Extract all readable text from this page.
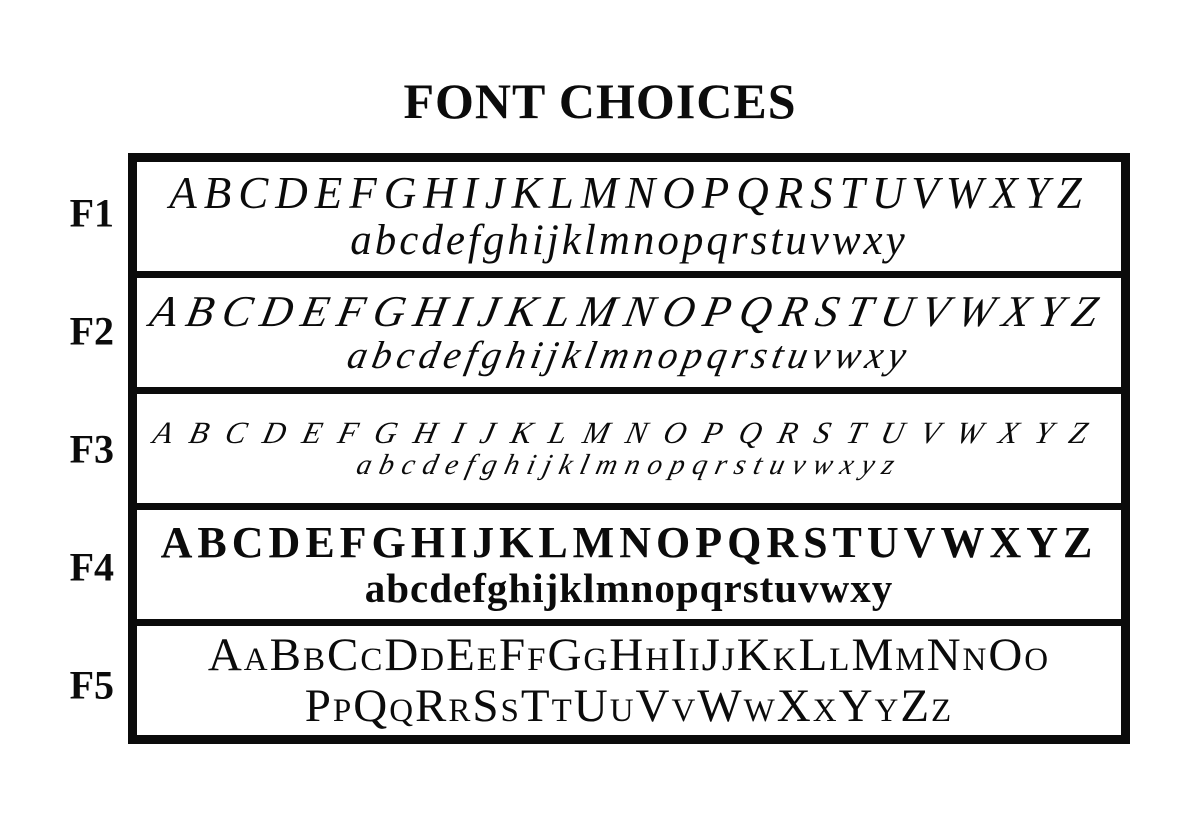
FONT CHOICES
F1
F2
F3
F4
F5
ABCDEFGHIJKLMNOPQRSTUVWXYZ
abcdefghijklmnopqrstuvwxy
ABCDEFGHIJKLMNOPQRSTUVWXYZ
abcdefghijklmnopqrstuvwxy
ABCDEFGHIJKLMNOPQRSTUVWXYZ
abcdefghijklmnopqrstuvwxyz
ABCDEFGHIJKLMNOPQRSTUVWXYZ
abcdefghijklmnopqrstuvwxy
AaBbCcDdEeFfGgHhIiJjKkLlMmNnOo
PpQqRrSsTtUuVvWwXxYyZz
